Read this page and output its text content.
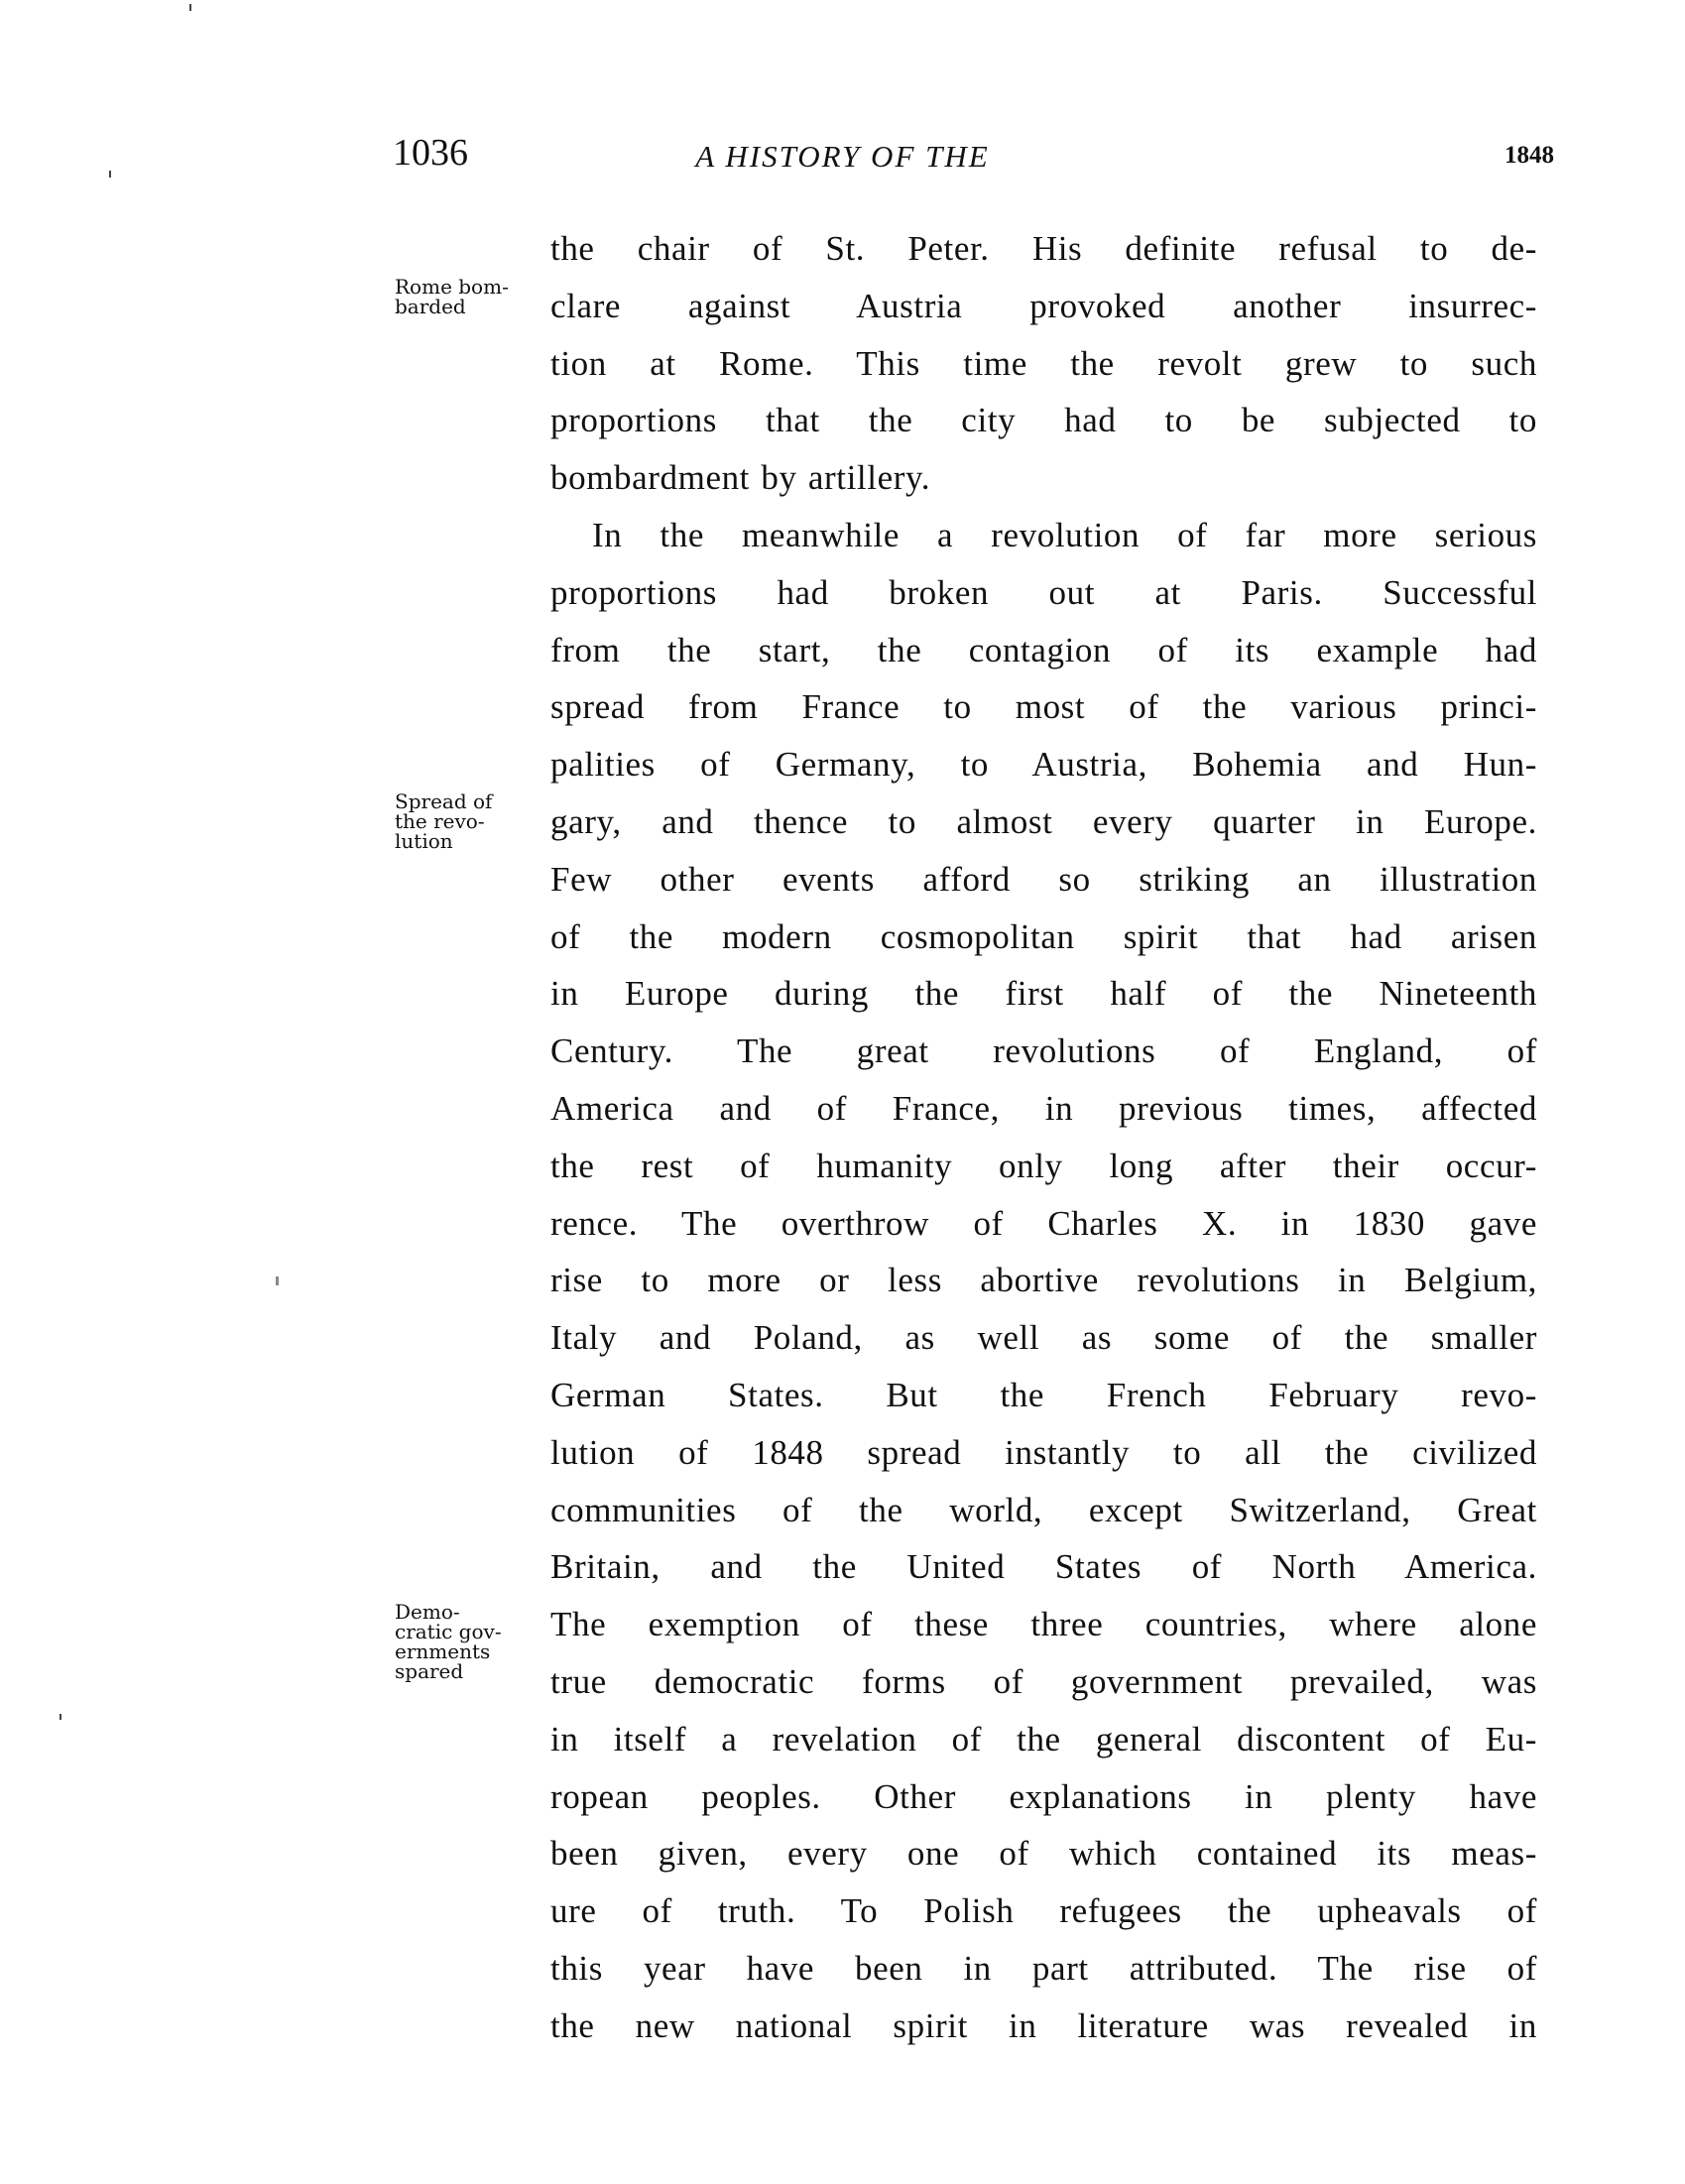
1036	A HISTORY OF THE	1848
Rome bom-
barded
Spread of
the revo-
lution
Demo-
cratic gov-
ernments
spared
the chair of St. Peter. His definite refusal to de-
clare against Austria provoked another insurrec-
tion at Rome. This time the revolt grew to such
proportions that the city had to be subjected to
bombardment by artillery.
In the meanwhile a revolution of far more serious
proportions had broken out at Paris. Successful
from the start, the contagion of its example had
spread from France to most of the various princi-
palities of Germany, to Austria, Bohemia and Hun-
gary, and thence to almost every quarter in Europe.
Few other events afford so striking an illustration
of the modern cosmopolitan spirit that had arisen
in Europe during the first half of the Nineteenth
Century. The great revolutions of England, of
America and of France, in previous times, affected
the rest of humanity only long after their occur-
rence. The overthrow of Charles X. in 1830 gave
rise to more or less abortive revolutions in Belgium,
Italy and Poland, as well as some of the smaller
German States. But the French February revo-
lution of 1848 spread instantly to all the civilized
communities of the world, except Switzerland, Great
Britain, and the United States of North America.
The exemption of these three countries, where alone
true democratic forms of government prevailed, was
in itself a revelation of the general discontent of Eu-
ropean peoples. Other explanations in plenty have
been given, every one of which contained its meas-
ure of truth. To Polish refugees the upheavals of
this year have been in part attributed. The rise of
the new national spirit in literature was revealed in
